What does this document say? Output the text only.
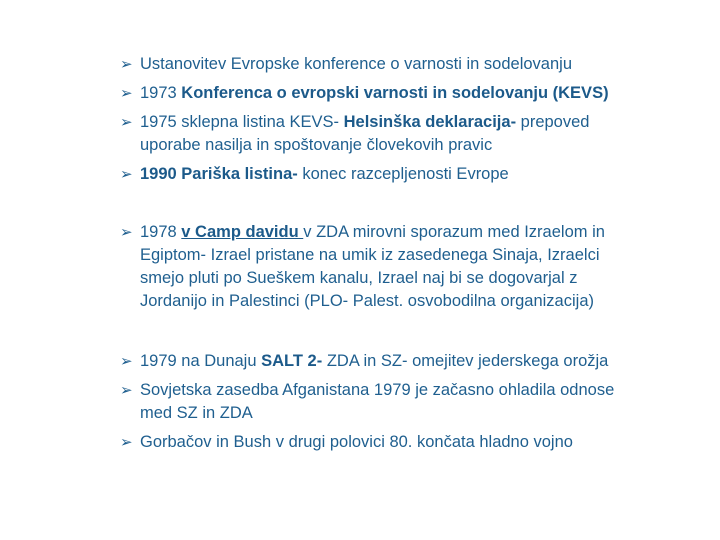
➢ Ustanovitev Evropske konference o varnosti in sodelovanju
➢ 1973 Konferenca o evropski varnosti in sodelovanju (KEVS)
➢ 1975 sklepna listina KEVS- Helsinška deklaracija- prepoved
uporabe nasilja in spoštovanje človekovih pravic
➢ 1990 Pariška listina- konec razcepljenosti Evrope
➢ 1978 v Camp davidu v ZDA mirovni sporazum med Izraelom in
Egiptom- Izrael pristane na umik iz zasedenega Sinaja, Izraelci
smejo pluti po Sueškem kanalu, Izrael naj bi se dogovarjal z
Jordanijo in Palestinci (PLO- Palest. osvobodilna organizacija)
➢ 1979 na Dunaju SALT 2- ZDA in SZ- omejitev jederskega orožja
➢ Sovjetska zasedba Afganistana 1979 je začasno ohladila odnose
med SZ in ZDA
➢ Gorbačov in Bush v drugi polovici 80. končata hladno vojno
